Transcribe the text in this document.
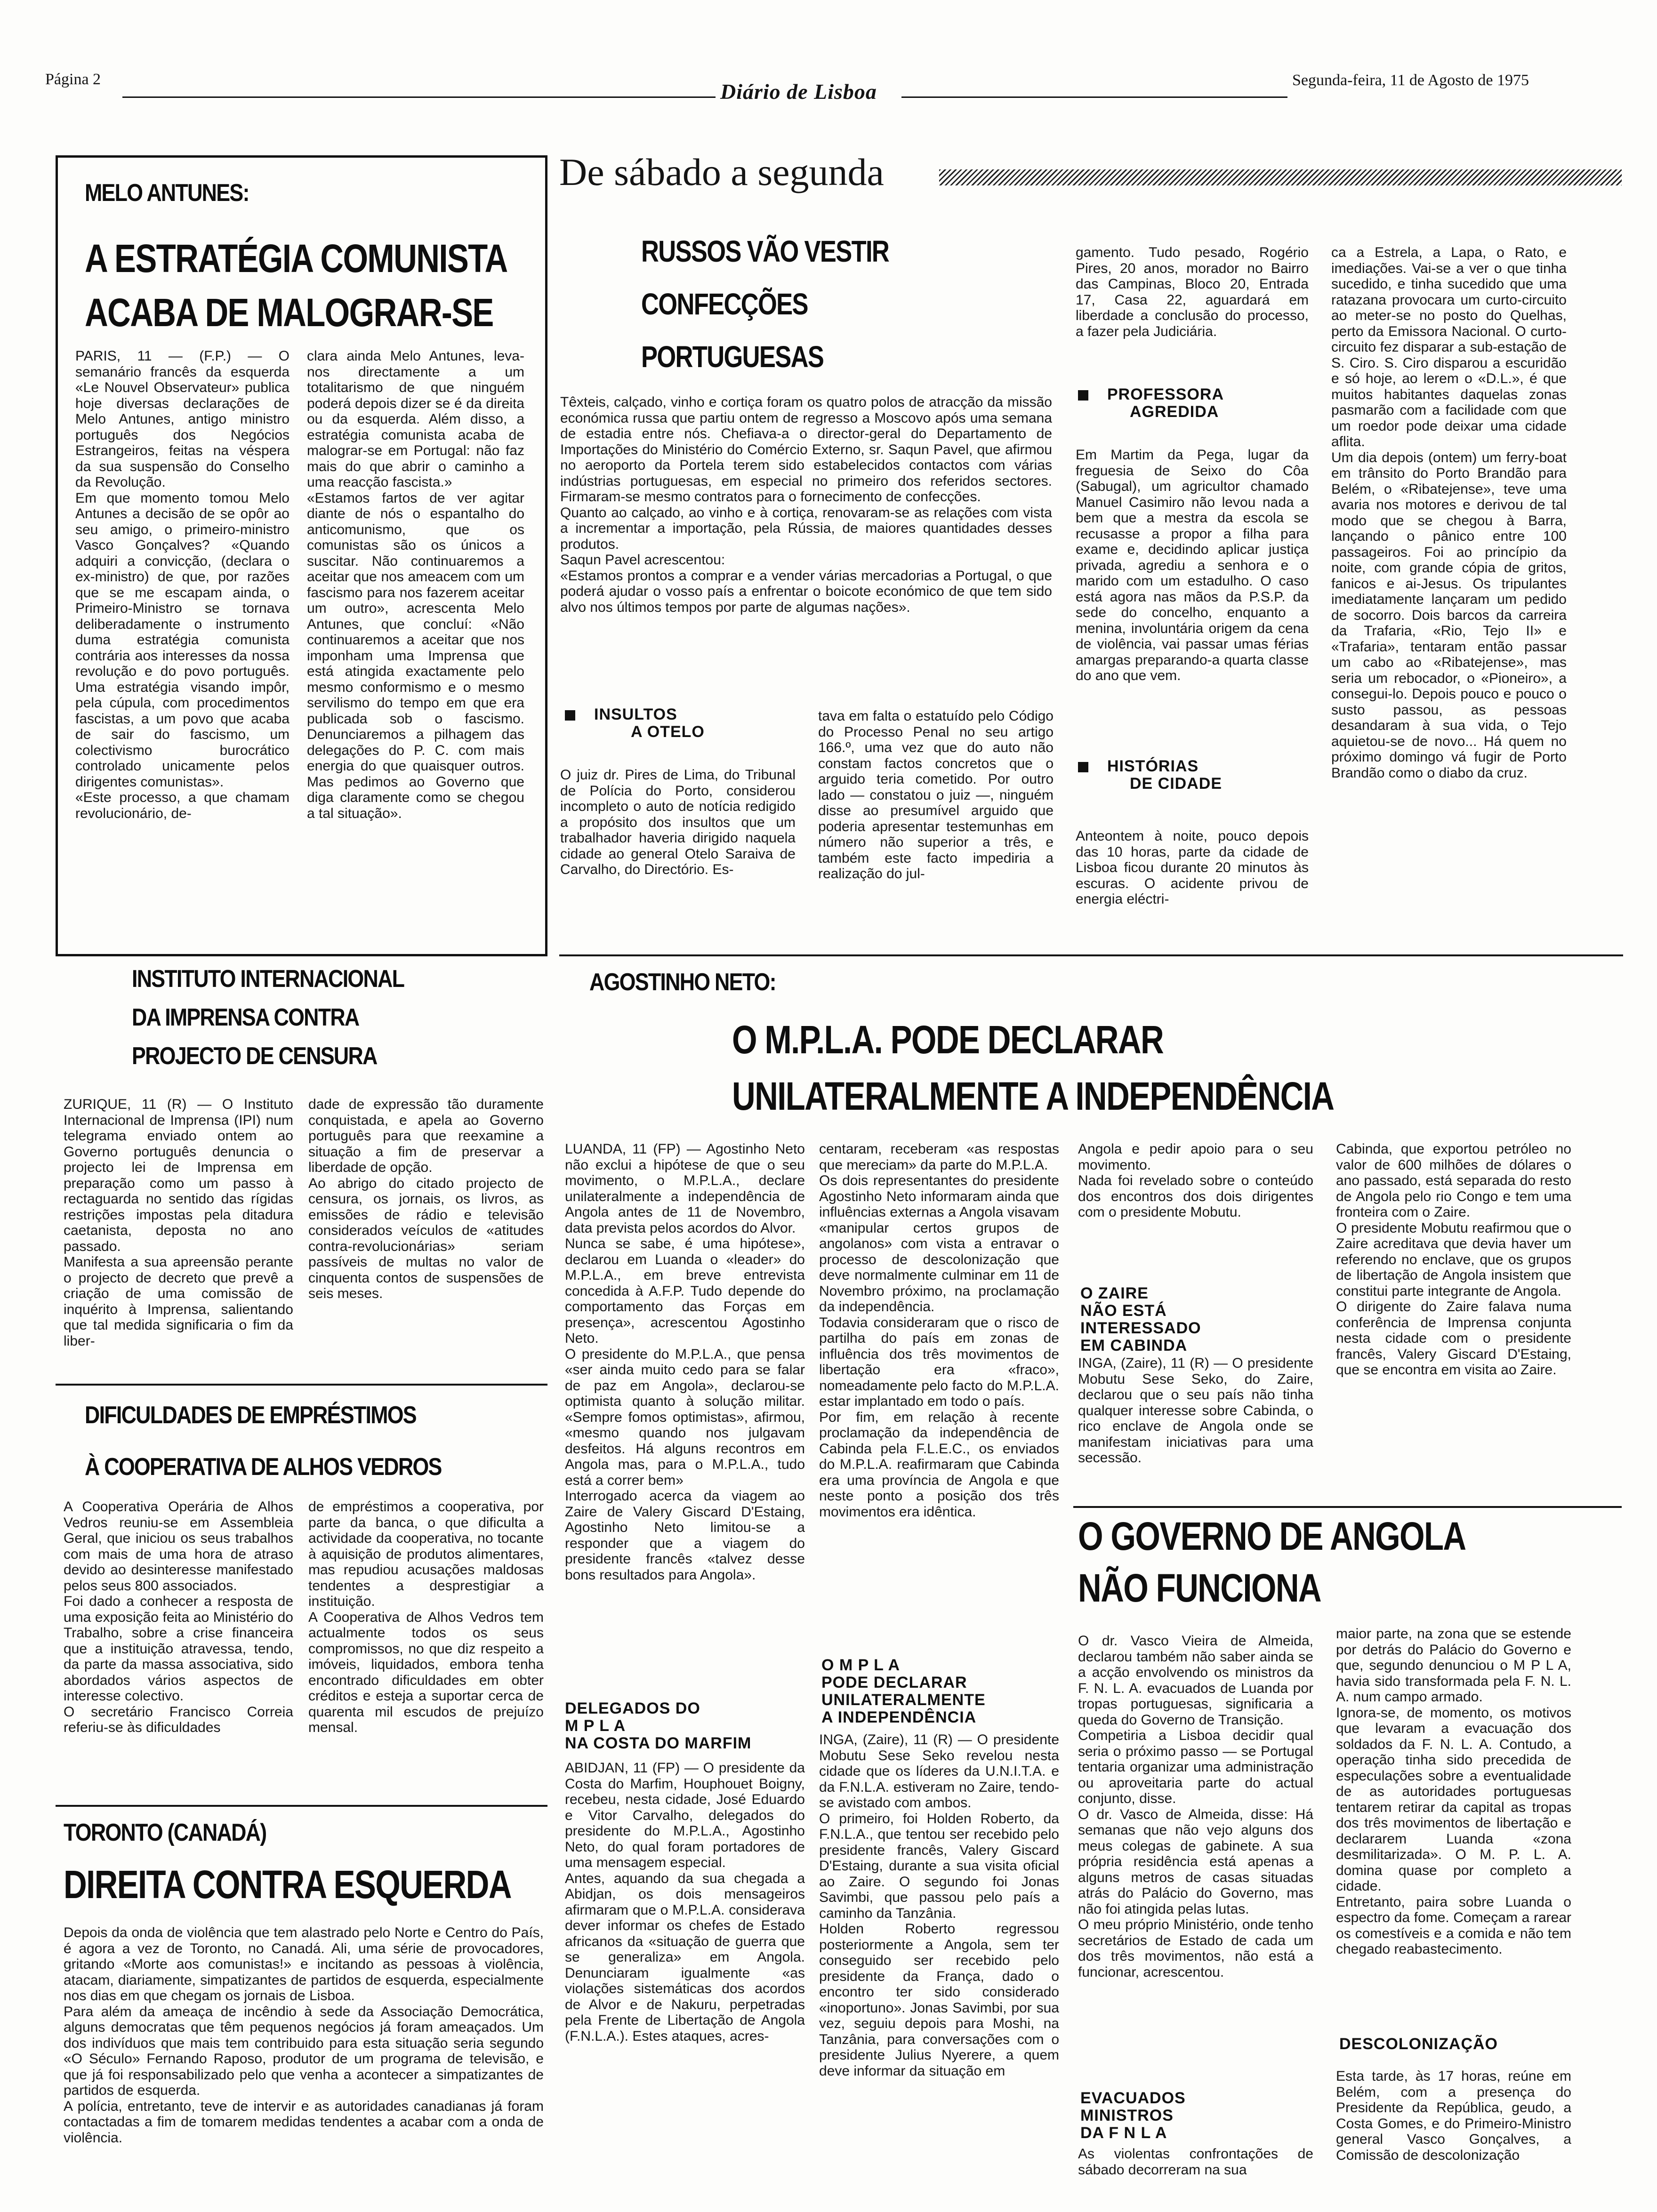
Página 2
Diário de Lisboa	Segunda-feira, 11 de Agosto de 1975
MELO ANTUNES:
A ESTRATÉGIA COMUNISTA
ACABA DE MALOGRAR-SE
PARIS, 11 — (F.P.) — O semanário francês da esquerda «Le Nouvel Observateur» publica hoje diversas declarações de Melo Antunes, antigo ministro português dos Negócios Estrangeiros, feitas na véspera da sua suspensão do Conselho da Revolução.
Em que momento tomou Melo Antunes a decisão de se opôr ao seu amigo, o primeiro-ministro Vasco Gonçalves? «Quando adquiri a convicção, (declara o ex-ministro) de que, por razões que se me escapam ainda, o Primeiro-Ministro se tornava deliberadamente o instrumento duma estratégia comunista contrária aos interesses da nossa revolução e do povo português. Uma estratégia visando impôr, pela cúpula, com procedimentos fascistas, a um povo que acaba de sair do fascismo, um colectivismo burocrático controlado unicamente pelos dirigentes comunistas».
«Este processo, a que chamam revolucionário, de-
clara ainda Melo Antunes, leva-nos directamente a um totalitarismo de que ninguém poderá depois dizer se é da direita ou da esquerda. Além disso, a estratégia comunista acaba de malograr-se em Portugal: não faz mais do que abrir o caminho a uma reacção fascista.»
«Estamos fartos de ver agitar diante de nós o espantalho do anticomunismo, que os comunistas são os únicos a suscitar. Não continuaremos a aceitar que nos ameacem com um fascismo para nos fazerem aceitar um outro», acrescenta Melo Antunes, que concluí: «Não continuaremos a aceitar que nos imponham uma Imprensa que está atingida exactamente pelo mesmo conformismo e o mesmo servilismo do tempo em que era publicada sob o fascismo. Denunciaremos a pilhagem das delegações do P. C. com mais energia do que quaisquer outros. Mas pedimos ao Governo que diga claramente como se chegou a tal situação».
De sábado a segunda
RUSSOS VÃO VESTIR
CONFECÇÕES
PORTUGUESAS
Têxteis, calçado, vinho e cortiça foram os quatro polos de atracção da missão económica russa que partiu ontem de regresso a Moscovo após uma semana de estadia entre nós. Chefiava-a o director-geral do Departamento de Importações do Ministério do Comércio Externo, sr. Saqun Pavel, que afirmou no aeroporto da Portela terem sido estabelecidos contactos com várias indústrias portuguesas, em especial no primeiro dos referidos sectores. Firmaram-se mesmo contratos para o fornecimento de confecções.
Quanto ao calçado, ao vinho e à cortiça, renovaram-se as relações com vista a incrementar a importação, pela Rússia, de maiores quantidades desses produtos.
Saqun Pavel acrescentou:
«Estamos prontos a comprar e a vender várias mercadorias a Portugal, o que poderá ajudar o vosso país a enfrentar o boicote económico de que tem sido alvo nos últimos tempos por parte de algumas nações».
INSULTOS
A OTELO
O juiz dr. Pires de Lima, do Tribunal de Polícia do Porto, considerou incompleto o auto de notícia redigido a propósito dos insultos que um trabalhador haveria dirigido naquela cidade ao general Otelo Saraiva de Carvalho, do Directório. Es-
tava em falta o estatuído pelo Código do Processo Penal no seu artigo 166.º, uma vez que do auto não constam factos concretos que o arguido teria cometido. Por outro lado — constatou o juiz —, ninguém disse ao presumível arguido que poderia apresentar testemunhas em número não superior a três, e também este facto impediria a realização do jul-
gamento. Tudo pesado, Rogério Pires, 20 anos, morador no Bairro das Campinas, Bloco 20, Entrada 17, Casa 22, aguardará em liberdade a conclusão do processo, a fazer pela Judiciária.
PROFESSORA
AGREDIDA
Em Martim da Pega, lugar da freguesia de Seixo do Côa (Sabugal), um agricultor chamado Manuel Casimiro não levou nada a bem que a mestra da escola se recusasse a propor a filha para exame e, decidindo aplicar justiça privada, agrediu a senhora e o marido com um estadulho. O caso está agora nas mãos da P.S.P. da sede do concelho, enquanto a menina, involuntária origem da cena de violência, vai passar umas férias amargas preparando-a quarta classe do ano que vem.
HISTÓRIAS
DE CIDADE
Anteontem à noite, pouco depois das 10 horas, parte da cidade de Lisboa ficou durante 20 minutos às escuras. O acidente privou de energia eléctri-
ca a Estrela, a Lapa, o Rato, e imediações. Vai-se a ver o que tinha sucedido, e tinha sucedido que uma ratazana provocara um curto-circuito ao meter-se no posto do Quelhas, perto da Emissora Nacional. O curto-circuito fez disparar a sub-estação de S. Ciro. S. Ciro disparou a escuridão e só hoje, ao lerem o «D.L.», é que muitos habitantes daquelas zonas pasmarão com a facilidade com que um roedor pode deixar uma cidade aflita.
Um dia depois (ontem) um ferry-boat em trânsito do Porto Brandão para Belém, o «Ribatejense», teve uma avaria nos motores e derivou de tal modo que se chegou à Barra, lançando o pânico entre 100 passageiros. Foi ao princípio da noite, com grande cópia de gritos, fanicos e ai-Jesus. Os tripulantes imediatamente lançaram um pedido de socorro. Dois barcos da carreira da Trafaria, «Rio, Tejo II» e «Trafaria», tentaram então passar um cabo ao «Ribatejense», mas seria um rebocador, o «Pioneiro», a consegui-lo. Depois pouco e pouco o susto passou, as pessoas desandaram à sua vida, o Tejo aquietou-se de novo... Há quem no próximo domingo vá fugir de Porto Brandão como o diabo da cruz.
INSTITUTO INTERNACIONAL
DA IMPRENSA CONTRA
PROJECTO DE CENSURA
ZURIQUE, 11 (R) — O Instituto Internacional de Imprensa (IPI) num telegrama enviado ontem ao Governo português denuncia o projecto lei de Imprensa em preparação como um passo à rectaguarda no sentido das rígidas restrições impostas pela ditadura caetanista, deposta no ano passado.
Manifesta a sua apreensão perante o projecto de decreto que prevê a criação de uma comissão de inquérito à Imprensa, salientando que tal medida significaria o fim da liber-
dade de expressão tão duramente conquistada, e apela ao Governo português para que reexamine a situação a fim de preservar a liberdade de opção.
Ao abrigo do citado projecto de censura, os jornais, os livros, as emissões de rádio e televisão considerados veículos de «atitudes contra-revolucionárias» seriam passíveis de multas no valor de cinquenta contos de suspensões de seis meses.
DIFICULDADES DE EMPRÉSTIMOS
À COOPERATIVA DE ALHOS VEDROS
A Cooperativa Operária de Alhos Vedros reuniu-se em Assembleia Geral, que iniciou os seus trabalhos com mais de uma hora de atraso devido ao desinteresse manifestado pelos seus 800 associados.
Foi dado a conhecer a resposta de uma exposição feita ao Ministério do Trabalho, sobre a crise financeira que a instituição atravessa, tendo, da parte da massa associativa, sido abordados vários aspectos de interesse colectivo.
O secretário Francisco Correia referiu-se às dificuldades
de empréstimos a cooperativa, por parte da banca, o que dificulta a actividade da cooperativa, no tocante à aquisição de produtos alimentares, mas repudiou acusações maldosas tendentes a desprestigiar a instituição.
A Cooperativa de Alhos Vedros tem actualmente todos os seus compromissos, no que diz respeito a imóveis, liquidados, embora tenha encontrado dificuldades em obter créditos e esteja a suportar cerca de quarenta mil escudos de prejuízo mensal.
TORONTO (CANADÁ)
DIREITA CONTRA ESQUERDA
Depois da onda de violência que tem alastrado pelo Norte e Centro do País, é agora a vez de Toronto, no Canadá. Ali, uma série de provocadores, gritando «Morte aos comunistas!» e incitando as pessoas à violência, atacam, diariamente, simpatizantes de partidos de esquerda, especialmente nos dias em que chegam os jornais de Lisboa.
Para além da ameaça de incêndio à sede da Associação Democrática, alguns democratas que têm pequenos negócios já foram ameaçados. Um dos indivíduos que mais tem contribuido para esta situação seria segundo «O Século» Fernando Raposo, produtor de um programa de televisão, e que já foi responsabilizado pelo que venha a acontecer a simpatizantes de partidos de esquerda.
A polícia, entretanto, teve de intervir e as autoridades canadianas já foram contactadas a fim de tomarem medidas tendentes a acabar com a onda de violência.
AGOSTINHO NETO:
O M.P.L.A. PODE DECLARAR
UNILATERALMENTE A INDEPENDÊNCIA
LUANDA, 11 (FP) — Agostinho Neto não exclui a hipótese de que o seu movimento, o M.P.L.A., declare unilateralmente a independência de Angola antes de 11 de Novembro, data prevista pelos acordos do Alvor.
Nunca se sabe, é uma hipótese», declarou em Luanda o «leader» do M.P.L.A., em breve entrevista concedida à A.F.P. Tudo depende do comportamento das Forças em presença», acrescentou Agostinho Neto.
O presidente do M.P.L.A., que pensa «ser ainda muito cedo para se falar de paz em Angola», declarou-se optimista quanto à solução militar. «Sempre fomos optimistas», afirmou, «mesmo quando nos julgavam desfeitos. Há alguns recontros em Angola mas, para o M.P.L.A., tudo está a correr bem»
Interrogado acerca da viagem ao Zaire de Valery Giscard D'Estaing, Agostinho Neto limitou-se a responder que a viagem do presidente francês «talvez desse bons resultados para Angola».
DELEGADOS DO
M P L A
NA COSTA DO MARFIM
ABIDJAN, 11 (FP) — O presidente da Costa do Marfim, Houphouet Boigny, recebeu, nesta cidade, José Eduardo e Vitor Carvalho, delegados do presidente do M.P.L.A., Agostinho Neto, do qual foram portadores de uma mensagem especial.
Antes, aquando da sua chegada a Abidjan, os dois mensageiros afirmaram que o M.P.L.A. considerava dever informar os chefes de Estado africanos da «situação de guerra que se generaliza» em Angola. Denunciaram igualmente «as violações sistemáticas dos acordos de Alvor e de Nakuru, perpetradas pela Frente de Libertação de Angola (F.N.L.A.). Estes ataques, acres-
centaram, receberam «as respostas que mereciam» da parte do M.P.L.A.
Os dois representantes do presidente Agostinho Neto informaram ainda que influências externas a Angola visavam «manipular certos grupos de angolanos» com vista a entravar o processo de descolonização que deve normalmente culminar em 11 de Novembro próximo, na proclamação da independência.
Todavia consideraram que o risco de partilha do país em zonas de influência dos três movimentos de libertação era «fraco», nomeadamente pelo facto do M.P.L.A. estar implantado em todo o país.
Por fim, em relação à recente proclamação da independência de Cabinda pela F.L.E.C., os enviados do M.P.L.A. reafirmaram que Cabinda era uma província de Angola e que neste ponto a posição dos três movimentos era idêntica.
O M P L A
PODE DECLARAR
UNILATERALMENTE
A INDEPENDÊNCIA
INGA, (Zaire), 11 (R) — O presidente Mobutu Sese Seko revelou nesta cidade que os líderes da U.N.I.T.A. e da F.N.L.A. estiveram no Zaire, tendo-se avistado com ambos.
O primeiro, foi Holden Roberto, da F.N.L.A., que tentou ser recebido pelo presidente francês, Valery Giscard D'Estaing, durante a sua visita oficial ao Zaire. O segundo foi Jonas Savimbi, que passou pelo país a caminho da Tanzânia.
Holden Roberto regressou posteriormente a Angola, sem ter conseguido ser recebido pelo presidente da França, dado o encontro ter sido considerado «inoportuno». Jonas Savimbi, por sua vez, seguiu depois para Moshi, na Tanzânia, para conversações com o presidente Julius Nyerere, a quem deve informar da situação em
Angola e pedir apoio para o seu movimento.
Nada foi revelado sobre o conteúdo dos encontros dos dois dirigentes com o presidente Mobutu.
O ZAIRE
NÃO ESTÁ
INTERESSADO
EM CABINDA
INGA, (Zaire), 11 (R) — O presidente Mobutu Sese Seko, do Zaire, declarou que o seu país não tinha qualquer interesse sobre Cabinda, o rico enclave de Angola onde se manifestam iniciativas para uma secessão.
Cabinda, que exportou petróleo no valor de 600 milhões de dólares o ano passado, está separada do resto de Angola pelo rio Congo e tem uma fronteira com o Zaire.
O presidente Mobutu reafirmou que o Zaire acreditava que devia haver um referendo no enclave, que os grupos de libertação de Angola insistem que constitui parte integrante de Angola.
O dirigente do Zaire falava numa conferência de Imprensa conjunta nesta cidade com o presidente francês, Valery Giscard D'Estaing, que se encontra em visita ao Zaire.
O GOVERNO DE ANGOLA
NÃO FUNCIONA
O dr. Vasco Vieira de Almeida, declarou também não saber ainda se a acção envolvendo os ministros da F. N. L. A. evacuados de Luanda por tropas portuguesas, significaria a queda do Governo de Transição.
Competiria a Lisboa decidir qual seria o próximo passo — se Portugal tentaria organizar uma administração ou aproveitaria parte do actual conjunto, disse.
O dr. Vasco de Almeida, disse: Há semanas que não vejo alguns dos meus colegas de gabinete. A sua própria residência está apenas a alguns metros de casas situadas atrás do Palácio do Governo, mas não foi atingida pelas lutas.
O meu próprio Ministério, onde tenho secretários de Estado de cada um dos três movimentos, não está a funcionar, acrescentou.
EVACUADOS
MINISTROS
DA F N L A
As violentas confrontações de sábado decorreram na sua
maior parte, na zona que se estende por detrás do Palácio do Governo e que, segundo denunciou o M P L A, havia sido transformada pela F. N. L. A. num campo armado.
Ignora-se, de momento, os motivos que levaram a evacuação dos soldados da F. N. L. A. Contudo, a operação tinha sido precedida de especulações sobre a eventualidade de as autoridades portuguesas tentarem retirar da capital as tropas dos três movimentos de libertação e declararem Luanda «zona desmilitarizada». O M. P. L. A. domina quase por completo a cidade.
Entretanto, paira sobre Luanda o espectro da fome. Começam a rarear os comestíveis e a comida e não tem chegado reabastecimento.
DESCOLONIZAÇÃO
Esta tarde, às 17 horas, reúne em Belém, com a presença do Presidente da República, geudo, a Costa Gomes, e do Primeiro-Ministro general Vasco Gonçalves, a Comissão de descolonização
